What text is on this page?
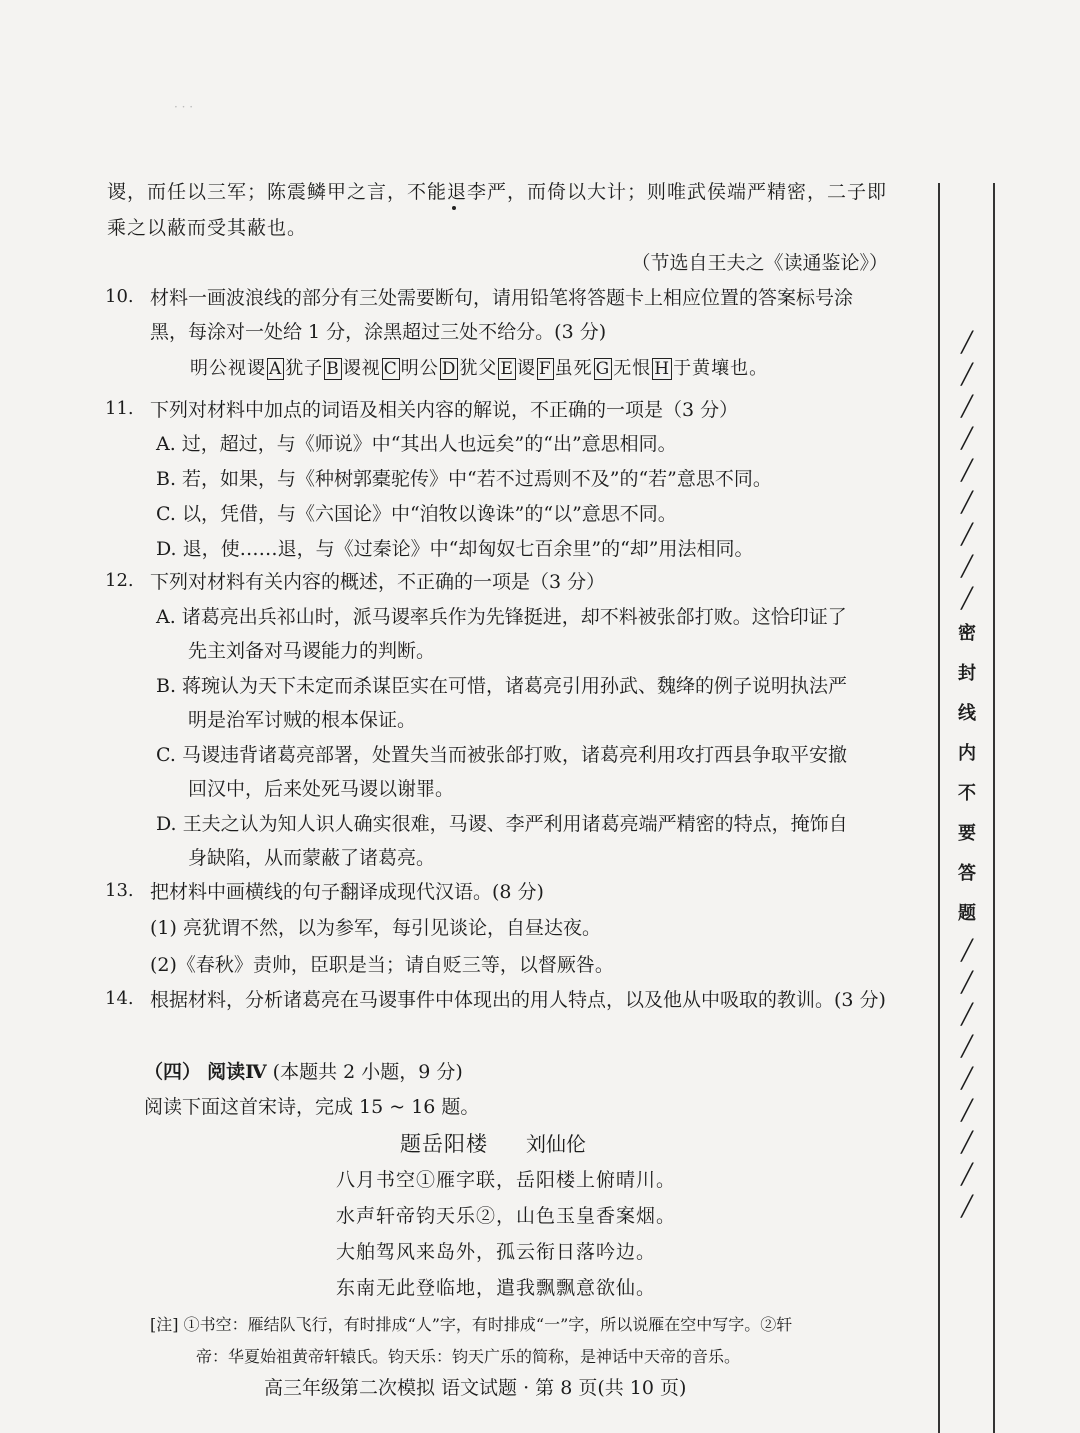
· · ·
谡，而任以三军；陈震鳞甲之言，不能退李严，而倚以大计；则唯武侯端严精密，二子即
乘之以蔽而受其蔽也。
（节选自王夫之《读通鉴论》）
10. 材料一画波浪线的部分有三处需要断句，请用铅笔将答题卡上相应位置的答案标号涂
黑，每涂对一处给 1 分，涂黑超过三处不给分。(3 分)
明公视谡 A 犹子 B 谡视 C 明公 D 犹父 E 谡 F 虽死 G 无恨 H 于黄壤也。
11. 下列对材料中加点的词语及相关内容的解说，不正确的一项是（3 分）
A. 过，超过，与《师说》中“其出人也远矣”的“出”意思相同。
B. 若，如果，与《种树郭橐驼传》中“若不过焉则不及”的“若”意思不同。
C. 以，凭借，与《六国论》中“洎牧以谗诛”的“以”意思不同。
D. 退，使……退，与《过秦论》中“却匈奴七百余里”的“却”用法相同。
12. 下列对材料有关内容的概述，不正确的一项是（3 分）
A. 诸葛亮出兵祁山时，派马谡率兵作为先锋挺进，却不料被张郃打败。这恰印证了
先主刘备对马谡能力的判断。
B. 蒋琬认为天下未定而杀谋臣实在可惜，诸葛亮引用孙武、魏绛的例子说明执法严
明是治军讨贼的根本保证。
C. 马谡违背诸葛亮部署，处置失当而被张郃打败，诸葛亮利用攻打西县争取平安撤
回汉中，后来处死马谡以谢罪。
D. 王夫之认为知人识人确实很难，马谡、李严利用诸葛亮端严精密的特点，掩饰自
身缺陷，从而蒙蔽了诸葛亮。
13. 把材料中画横线的句子翻译成现代汉语。(8 分)
(1) 亮犹谓不然，以为参军，每引见谈论，自昼达夜。
(2)《春秋》责帅，臣职是当；请自贬三等，以督厥咎。
14. 根据材料，分析诸葛亮在马谡事件中体现出的用人特点，以及他从中吸取的教训。(3 分)
（四） 阅读Ⅳ (本题共 2 小题，9 分)
阅读下面这首宋诗，完成 15 ~ 16 题。
题岳阳楼 刘仙伦
八月书空①雁字联，岳阳楼上俯晴川。
水声轩帝钧天乐②，山色玉皇香案烟。
大舶驾风来岛外，孤云衔日落吟边。
东南无此登临地，遣我飘飘意欲仙。
[注] ①书空：雁结队飞行，有时排成“人”字，有时排成“一”字，所以说雁在空中写字。②轩
帝：华夏始祖黄帝轩辕氏。钧天乐：钧天广乐的简称，是神话中天帝的音乐。
高三年级第二次模拟 语文试题 · 第 8 页(共 10 页)
╱
╱
╱
╱
╱
╱
╱
╱
╱
密
封
线
内
不
要
答
题
╱
╱
╱
╱
╱
╱
╱
╱
╱
